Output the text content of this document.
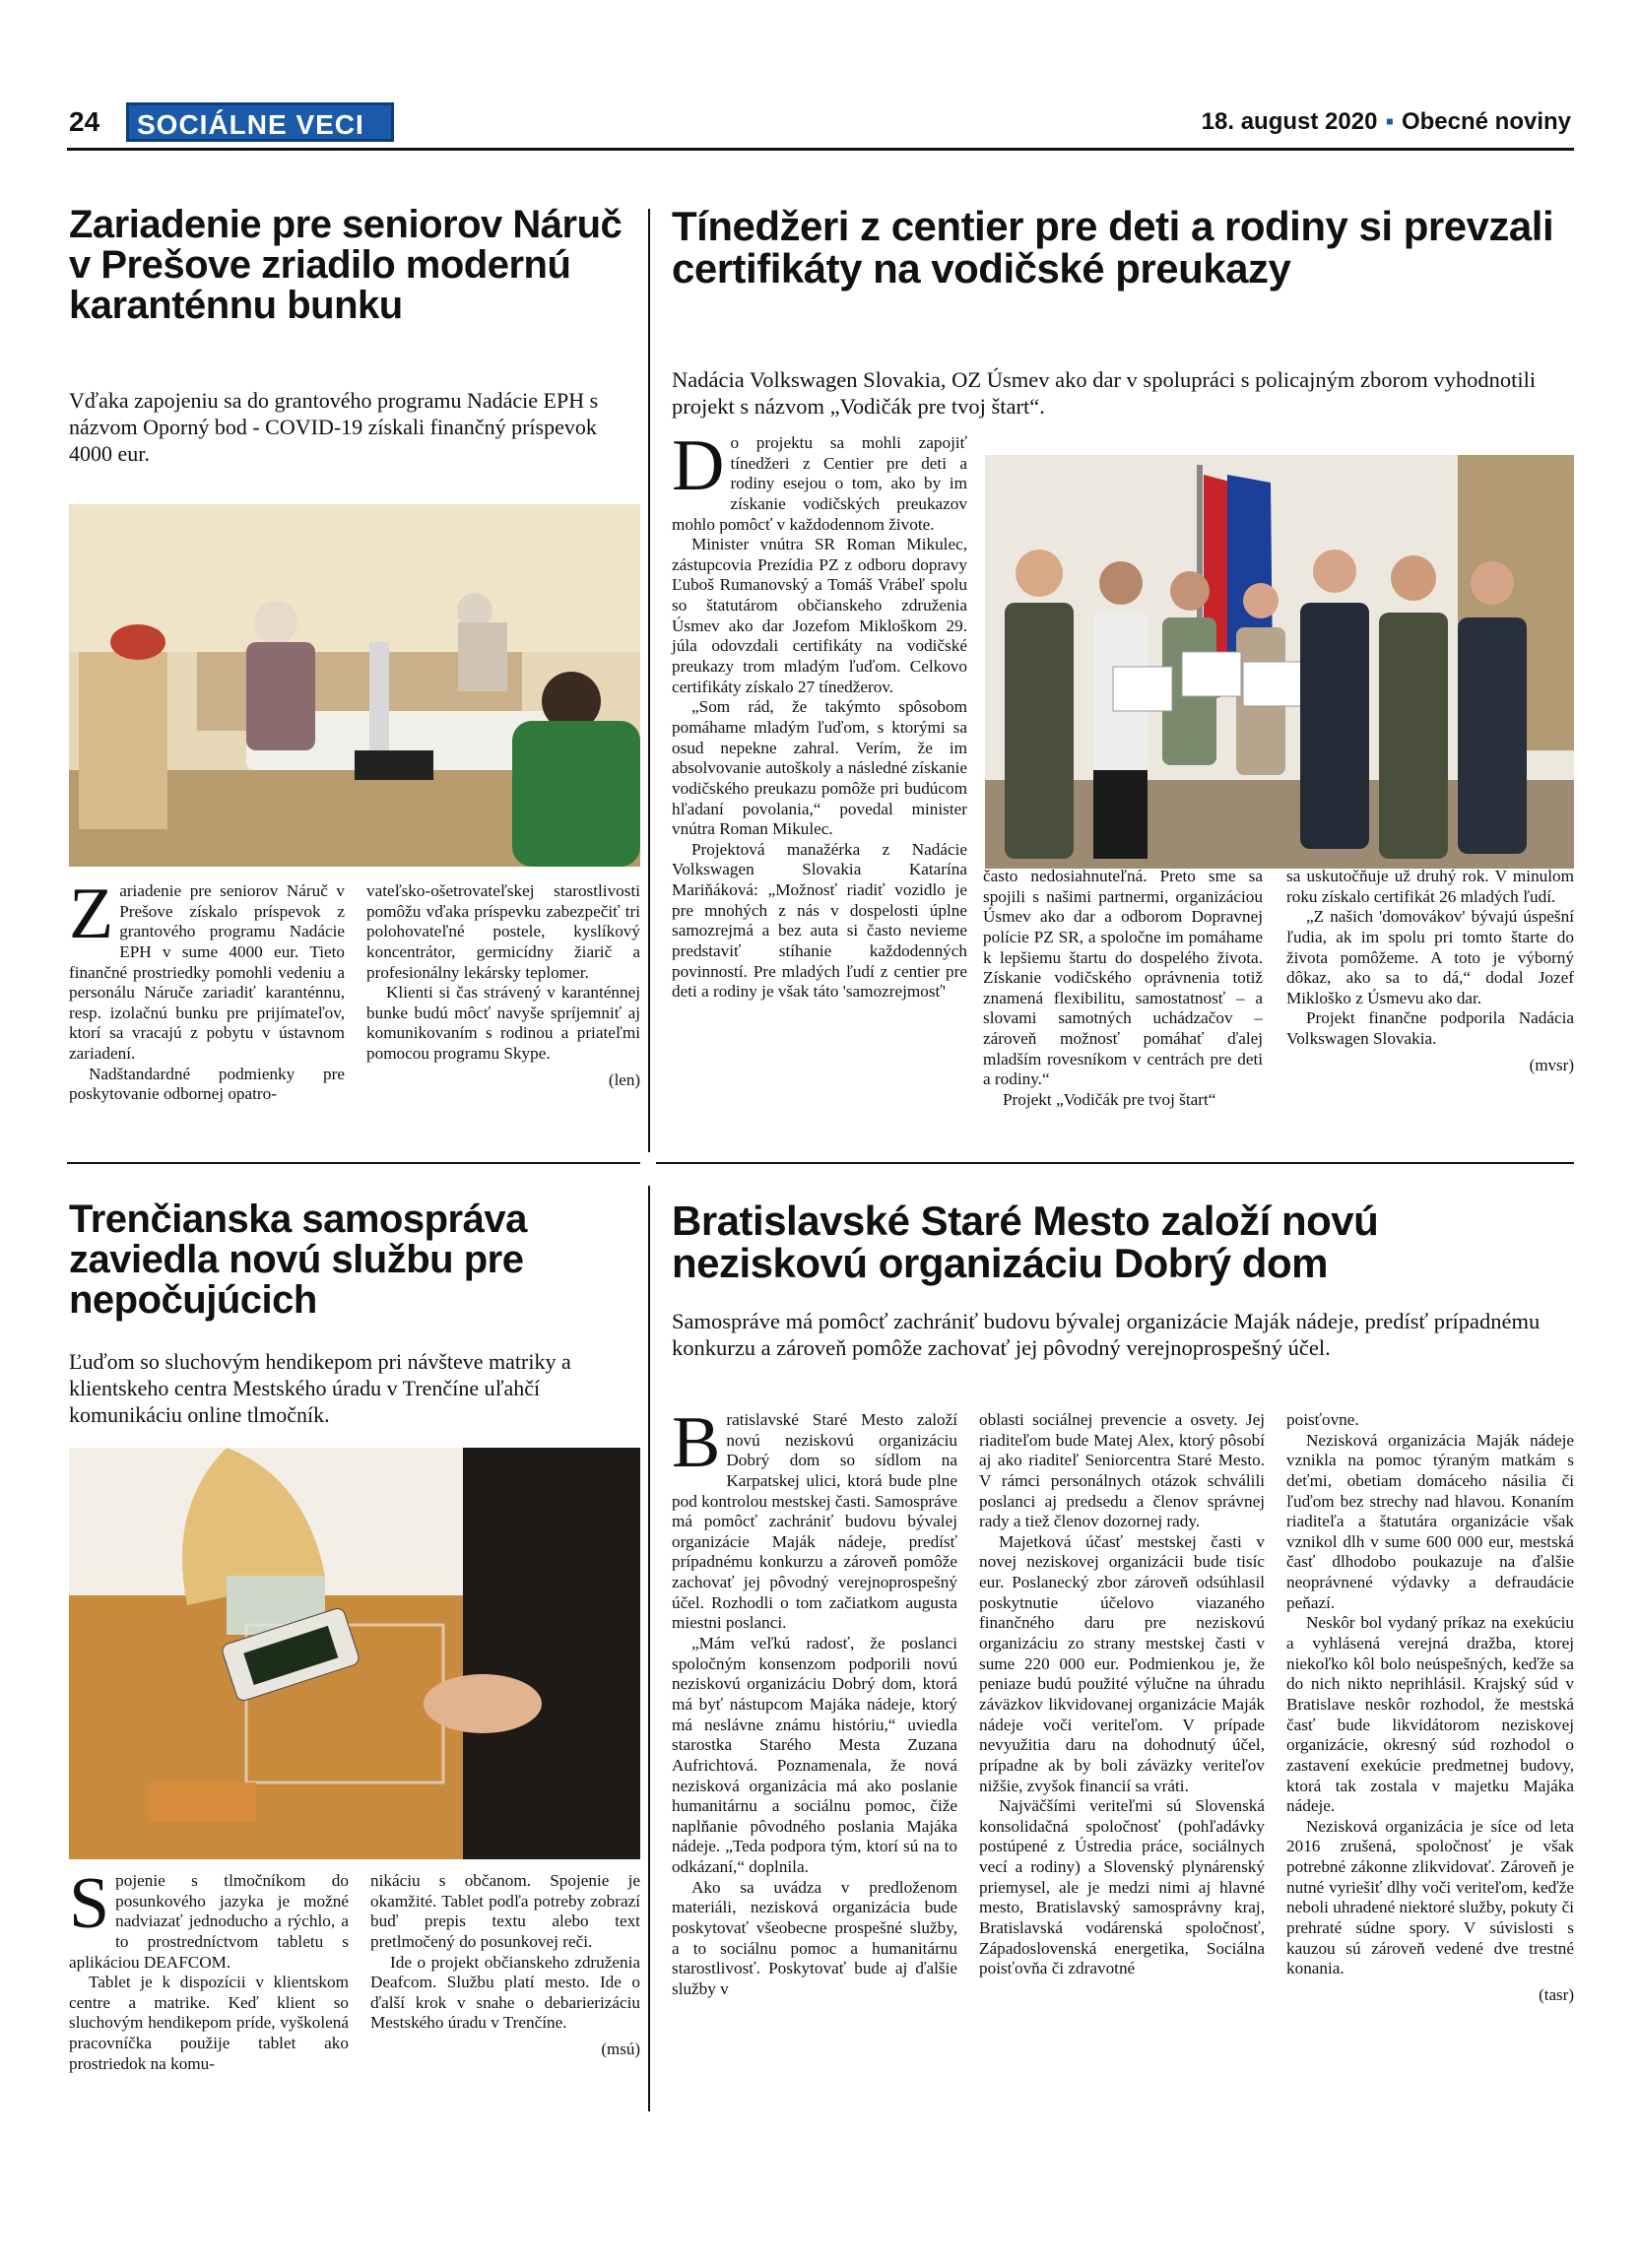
24	SOCIÁLNE VECI	18. august 2020 ▪ Obecné noviny
Zariadenie pre seniorov Náruč v Prešove zriadilo modernú karanténnu bunku
Vďaka zapojeniu sa do grantového programu Nadácie EPH s názvom Oporný bod - COVID-19 získali finančný príspevok 4000 eur.

Zariadenie pre seniorov Náruč v Prešove získalo príspevok z grantového programu Nadácie EPH v sume 4000 eur. Tieto finančné prostriedky pomohli vedeniu a personálu Náruče zariadiť karanténnu, resp. izolačnú bunku pre prijímateľov, ktorí sa vracajú z pobytu v ústavnom zariadení.

Nadštandardné podmienky pre poskytovanie odbornej opatro-

vateľsko-ošetrovateľskej starostlivosti pomôžu vďaka príspevku zabezpečiť tri polohovateľné postele, kyslíkový koncentrátor, germicídny žiarič a profesionálny lekársky teplomer.

Klienti si čas strávený v karanténnej bunke budú môcť navyše spríjemniť aj komunikovaním s rodinou a priateľmi pomocou programu Skype.

(len)
Tínedžeri z centier pre deti a rodiny si prevzali certifikáty na vodičské preukazy
Nadácia Volkswagen Slovakia, OZ Úsmev ako dar v spolupráci s policajným zborom vyhodnotili projekt s názvom „Vodičák pre tvoj štart“.

Do projektu sa mohli zapojiť tínedžeri z Centier pre deti a rodiny esejou o tom, ako by im získanie vodičských preukazov mohlo pomôcť v každodennom živote.

Minister vnútra SR Roman Mikulec, zástupcovia Prezídia PZ z odboru dopravy Ľuboš Rumanovský a Tomáš Vrábeľ spolu so štatutárom občianskeho združenia Úsmev ako dar Jozefom Mikloškom 29. júla odovzdali certifikáty na vodičské preukazy trom mladým ľuďom. Celkovo certifikáty získalo 27 tínedžerov.

„Som rád, že takýmto spôsobom pomáhame mladým ľuďom, s ktorými sa osud nepekne zahral. Verím, že im absolvovanie autoškoly a následné získanie vodičského preukazu pomôže pri budúcom hľadaní povolania,“ povedal minister vnútra Roman Mikulec.

Projektová manažérka z Nadácie Volkswagen Slovakia Katarína Mariňáková: „Možnosť riadiť vozidlo je pre mnohých z nás v dospelosti úplne samozrejmá a bez auta si často nevieme predstaviť stíhanie každodenných povinností. Pre mladých ľudí z centier pre deti a rodiny je však táto 'samozrejmosť'

často nedosiahnuteľná. Preto sme sa spojili s našimi partnermi, organizáciou Úsmev ako dar a odborom Dopravnej polície PZ SR, a spoločne im pomáhame k lepšiemu štartu do dospelého života. Získanie vodičského oprávnenia totiž znamená flexibilitu, samostatnosť – a slovami samotných uchádzačov – zároveň možnosť pomáhať ďalej mladším rovesníkom v centrách pre deti a rodiny.“

Projekt „Vodičák pre tvoj štart“

sa uskutočňuje už druhý rok. V minulom roku získalo certifikát 26 mladých ľudí.

„Z našich 'domovákov' bývajú úspešní ľudia, ak im spolu pri tomto štarte do života pomôžeme. A toto je výborný dôkaz, ako sa to dá,“ dodal Jozef Mikloško z Úsmevu ako dar.

Projekt finančne podporila Nadácia Volkswagen Slovakia.

(mvsr)
Trenčianska samospráva zaviedla novú službu pre nepočujúcich
Ľuďom so sluchovým hendikepom pri návšteve matriky a klientskeho centra Mestského úradu v Trenčíne uľahčí komunikáciu online tlmočník.

Spojenie s tlmočníkom do posunkového jazyka je možné nadviazať jednoducho a rýchlo, a to prostredníctvom tabletu s aplikáciou DEAFCOM.

Tablet je k dispozícii v klientskom centre a matrike. Keď klient so sluchovým hendikepom príde, vyškolená pracovníčka použije tablet ako prostriedok na komu-

nikáciu s občanom. Spojenie je okamžité. Tablet podľa potreby zobrazí buď prepis textu alebo text pretlmočený do posunkovej reči.

Ide o projekt občianskeho združenia Deafcom. Službu platí mesto. Ide o ďalší krok v snahe o debarierizáciu Mestského úradu v Trenčíne.

(msú)
Bratislavské Staré Mesto založí novú neziskovú organizáciu Dobrý dom
Samospráve má pomôcť zachrániť budovu bývalej organizácie Maják nádeje, predísť prípadnému konkurzu a zároveň pomôže zachovať jej pôvodný verejnoprospešný účel.

Bratislavské Staré Mesto založí novú neziskovú organizáciu Dobrý dom so sídlom na Karpatskej ulici, ktorá bude plne pod kontrolou mestskej časti. Samospráve má pomôcť zachrániť budovu bývalej organizácie Maják nádeje, predísť prípadnému konkurzu a zároveň pomôže zachovať jej pôvodný verejnoprospešný účel. Rozhodli o tom začiatkom augusta miestni poslanci.

„Mám veľkú radosť, že poslanci spoločným konsenzom podporili novú neziskovú organizáciu Dobrý dom, ktorá má byť nástupcom Majáka nádeje, ktorý má neslávne známu históriu,“ uviedla starostka Starého Mesta Zuzana Aufrichtová. Poznamenala, že nová nezisková organizácia má ako poslanie humanitárnu a sociálnu pomoc, čiže naplňanie pôvodného poslania Majáka nádeje. „Teda podpora tým, ktorí sú na to odkázaní,“ doplnila.

Ako sa uvádza v predloženom materiáli, nezisková organizácia bude poskytovať všeobecne prospešné služby, a to sociálnu pomoc a humanitárnu starostlivosť. Poskytovať bude aj ďalšie služby v

oblasti sociálnej prevencie a osvety. Jej riaditeľom bude Matej Alex, ktorý pôsobí aj ako riaditeľ Seniorcentra Staré Mesto. V rámci personálnych otázok schválili poslanci aj predsedu a členov správnej rady a tiež členov dozornej rady.

Majetková účasť mestskej časti v novej neziskovej organizácii bude tisíc eur. Poslanecký zbor zároveň odsúhlasil poskytnutie účelovo viazaného finančného daru pre neziskovú organizáciu zo strany mestskej časti v sume 220 000 eur. Podmienkou je, že peniaze budú použité výlučne na úhradu záväzkov likvidovanej organizácie Maják nádeje voči veriteľom. V prípade nevyužitia daru na dohodnutý účel, prípadne ak by boli záväzky veriteľov nižšie, zvyšok financií sa vráti.

Najväčšími veriteľmi sú Slovenská konsolidačná spoločnosť (pohľadávky postúpené z Ústredia práce, sociálnych vecí a rodiny) a Slovenský plynárenský priemysel, ale je medzi nimi aj hlavné mesto, Bratislavský samosprávny kraj, Bratislavská vodárenská spoločnosť, Západoslovenská energetika, Sociálna poisťovňa či zdravotné

poisťovne.

Nezisková organizácia Maják nádeje vznikla na pomoc týraným matkám s deťmi, obetiam domáceho násilia či ľuďom bez strechy nad hlavou. Konaním riaditeľa a štatutára organizácie však vznikol dlh v sume 600 000 eur, mestská časť dlhodobo poukazuje na ďalšie neoprávnené výdavky a defraudácie peňazí.

Neskôr bol vydaný príkaz na exekúciu a vyhlásená verejná dražba, ktorej niekoľko kôl bolo neúspešných, keďže sa do nich nikto neprihlásil. Krajský súd v Bratislave neskôr rozhodol, že mestská časť bude likvidátorom neziskovej organizácie, okresný súd rozhodol o zastavení exekúcie predmetnej budovy, ktorá tak zostala v majetku Majáka nádeje.

Nezisková organizácia je síce od leta 2016 zrušená, spoločnosť je však potrebné zákonne zlikvidovať. Zároveň je nutné vyriešiť dlhy voči veriteľom, keďže neboli uhradené niektoré služby, pokuty či prehraté súdne spory. V súvislosti s kauzou sú zároveň vedené dve trestné konania.

(tasr)
